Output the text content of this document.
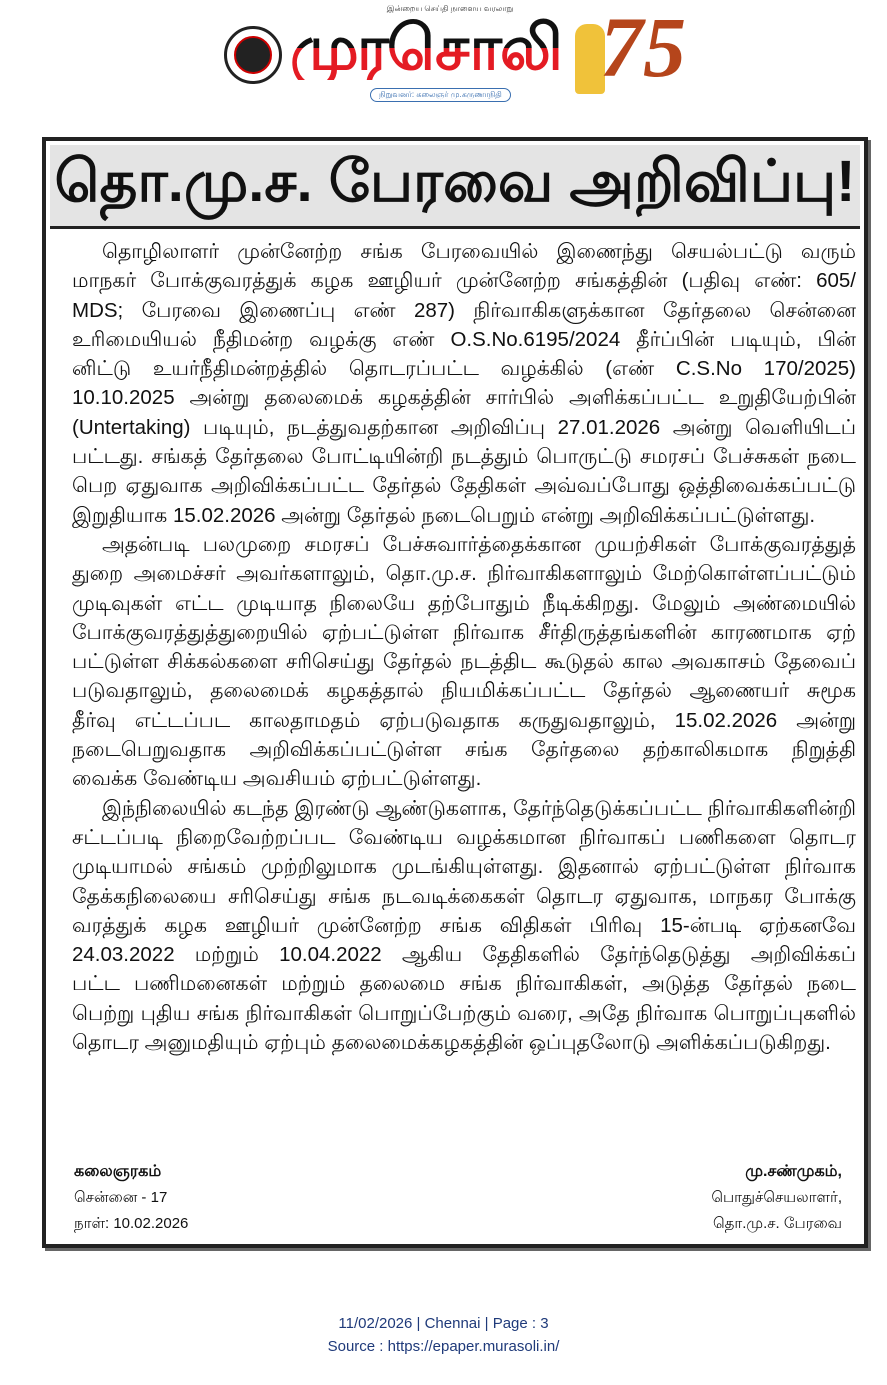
இன்றைய செய்தி நாளைய வரலாறு
முரசொலி
நிறுவனர்: கலைஞர் மு.கருணாநிதி 75
தொ.மு.ச. பேரவை அறிவிப்பு!
தொழிலாளர் முன்னேற்ற சங்க பேரவையில் இணைந்து செயல்பட்டு வரும்
மாநகர் போக்குவரத்துக் கழக ஊழியர் முன்னேற்ற சங்கத்தின் (பதிவு எண்: 605/
MDS; பேரவை இணைப்பு எண் 287) நிர்வாகிகளுக்கான தேர்தலை சென்னை
உரிமையியல் நீதிமன்ற வழக்கு எண் O.S.No.6195/2024 தீர்ப்பின் படியும், பின்
னிட்டு உயர்நீதிமன்றத்தில் தொடரப்பட்ட வழக்கில் (எண் C.S.No 170/2025)
10.10.2025 அன்று தலைமைக் கழகத்தின் சார்பில் அளிக்கப்பட்ட உறுதியேற்பின்
(Untertaking) படியும், நடத்துவதற்கான அறிவிப்பு 27.01.2026 அன்று வெளியிடப்
பட்டது. சங்கத் தேர்தலை போட்டியின்றி நடத்தும் பொருட்டு சமரசப் பேச்சுகள் நடை
பெற ஏதுவாக அறிவிக்கப்பட்ட தேர்தல் தேதிகள் அவ்வப்போது ஒத்திவைக்கப்பட்டு
இறுதியாக 15.02.2026 அன்று தேர்தல் நடைபெறும் என்று அறிவிக்கப்பட்டுள்ளது.
அதன்படி பலமுறை சமரசப் பேச்சுவார்த்தைக்கான முயற்சிகள் போக்குவரத்துத்
துறை அமைச்சர் அவர்களாலும், தொ.மு.ச. நிர்வாகிகளாலும் மேற்கொள்ளப்பட்டும்
முடிவுகள் எட்ட முடியாத நிலையே தற்போதும் நீடிக்கிறது. மேலும் அண்மையில்
போக்குவரத்துத்துறையில் ஏற்பட்டுள்ள நிர்வாக சீர்திருத்தங்களின் காரணமாக ஏற்
பட்டுள்ள சிக்கல்களை சரிசெய்து தேர்தல் நடத்திட கூடுதல் கால அவகாசம் தேவைப்
படுவதாலும், தலைமைக் கழகத்தால் நியமிக்கப்பட்ட தேர்தல் ஆணையர் சுமூக
தீர்வு எட்டப்பட காலதாமதம் ஏற்படுவதாக கருதுவதாலும், 15.02.2026 அன்று
நடைபெறுவதாக அறிவிக்கப்பட்டுள்ள சங்க தேர்தலை தற்காலிகமாக நிறுத்தி
வைக்க வேண்டிய அவசியம் ஏற்பட்டுள்ளது.
இந்நிலையில் கடந்த இரண்டு ஆண்டுகளாக, தேர்ந்தெடுக்கப்பட்ட நிர்வாகிகளின்றி
சட்டப்படி நிறைவேற்றப்பட வேண்டிய வழக்கமான நிர்வாகப் பணிகளை தொடர
முடியாமல் சங்கம் முற்றிலுமாக முடங்கியுள்ளது. இதனால் ஏற்பட்டுள்ள நிர்வாக
தேக்கநிலையை சரிசெய்து சங்க நடவடிக்கைகள் தொடர ஏதுவாக, மாநகர போக்கு
வரத்துக் கழக ஊழியர் முன்னேற்ற சங்க விதிகள் பிரிவு 15-ன்படி ஏற்கனவே
24.03.2022 மற்றும் 10.04.2022 ஆகிய தேதிகளில் தேர்ந்தெடுத்து அறிவிக்கப்
பட்ட பணிமனைகள் மற்றும் தலைமை சங்க நிர்வாகிகள், அடுத்த தேர்தல் நடை
பெற்று புதிய சங்க நிர்வாகிகள் பொறுப்பேற்கும் வரை, அதே நிர்வாக பொறுப்புகளில்
தொடர அனுமதியும் ஏற்பும் தலைமைக்கழகத்தின் ஒப்புதலோடு அளிக்கப்படுகிறது.
கலைஞரகம்
சென்னை - 17
நாள்: 10.02.2026
மு.சண்முகம்,
பொதுச்செயலாளர்,
தொ.மு.ச. பேரவை
11/02/2026 | Chennai | Page : 3
Source : https://epaper.murasoli.in/
